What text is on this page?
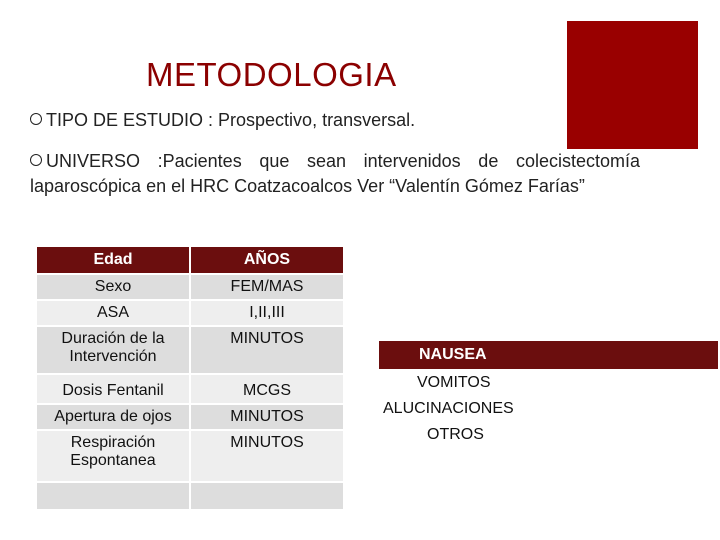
METODOLOGIA
TIPO DE ESTUDIO : Prospectivo, transversal.
UNIVERSO :Pacientes que sean intervenidos de colecistectomía laparoscópica en el HRC Coatzacoalcos Ver “Valentín Gómez Farías”
Edad	AÑOS
Sexo	FEM/MAS
ASA	I,II,III
Duración de la Intervención	MINUTOS
Dosis Fentanil	MCGS
Apertura de ojos	MINUTOS
Respiración Espontanea	MINUTOS

NAUSEA
VOMITOS
ALUCINACIONES
OTROS
